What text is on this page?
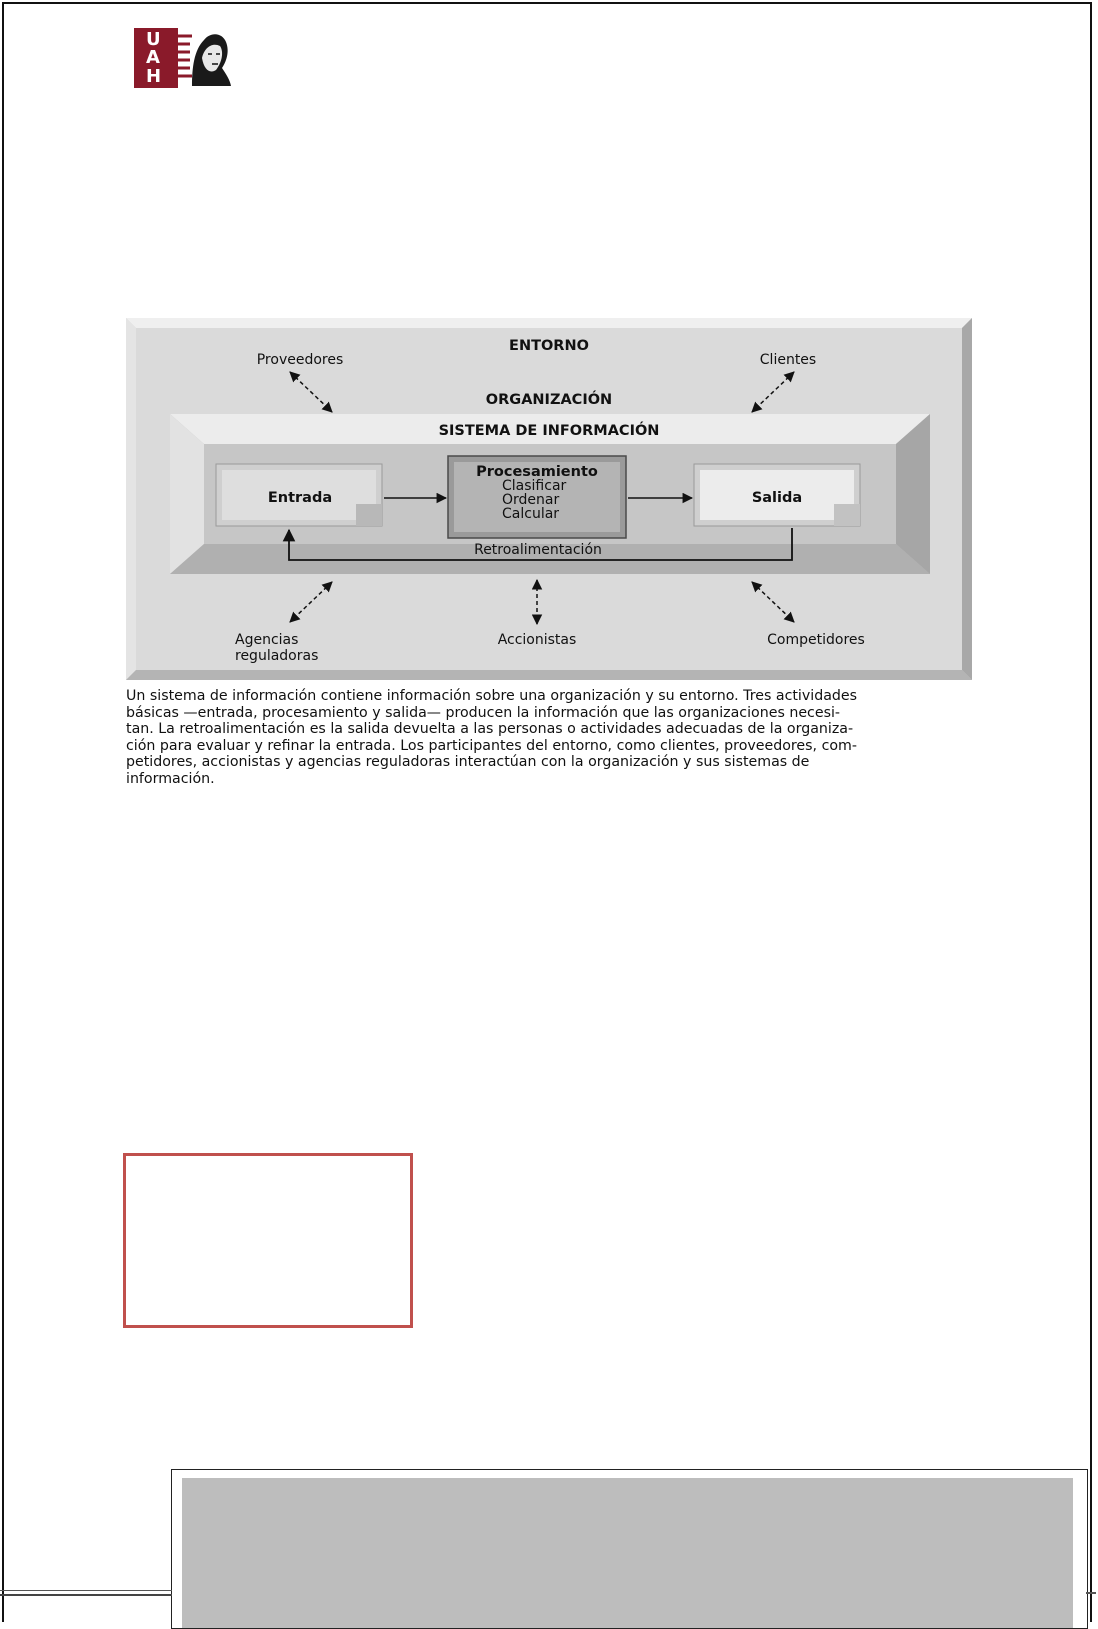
U
A
H
ENTORNO
Proveedores	Clientes
ORGANIZACIÓN
SISTEMA DE INFORMACIÓN
Entrada
Procesamiento
Clasificar
Ordenar
Calcular
Salida
Retroalimentación
Agencias
reguladoras
Accionistas	Competidores
Un sistema de información contiene información sobre una organización y su entorno. Tres actividades
básicas —entrada, procesamiento y salida— producen la información que las organizaciones necesi-
tan. La retroalimentación es la salida devuelta a las personas o actividades adecuadas de la organiza-
ción para evaluar y refinar la entrada. Los participantes del entorno, como clientes, proveedores, com-
petidores, accionistas y agencias reguladoras interactúan con la organización y sus sistemas de
información.
